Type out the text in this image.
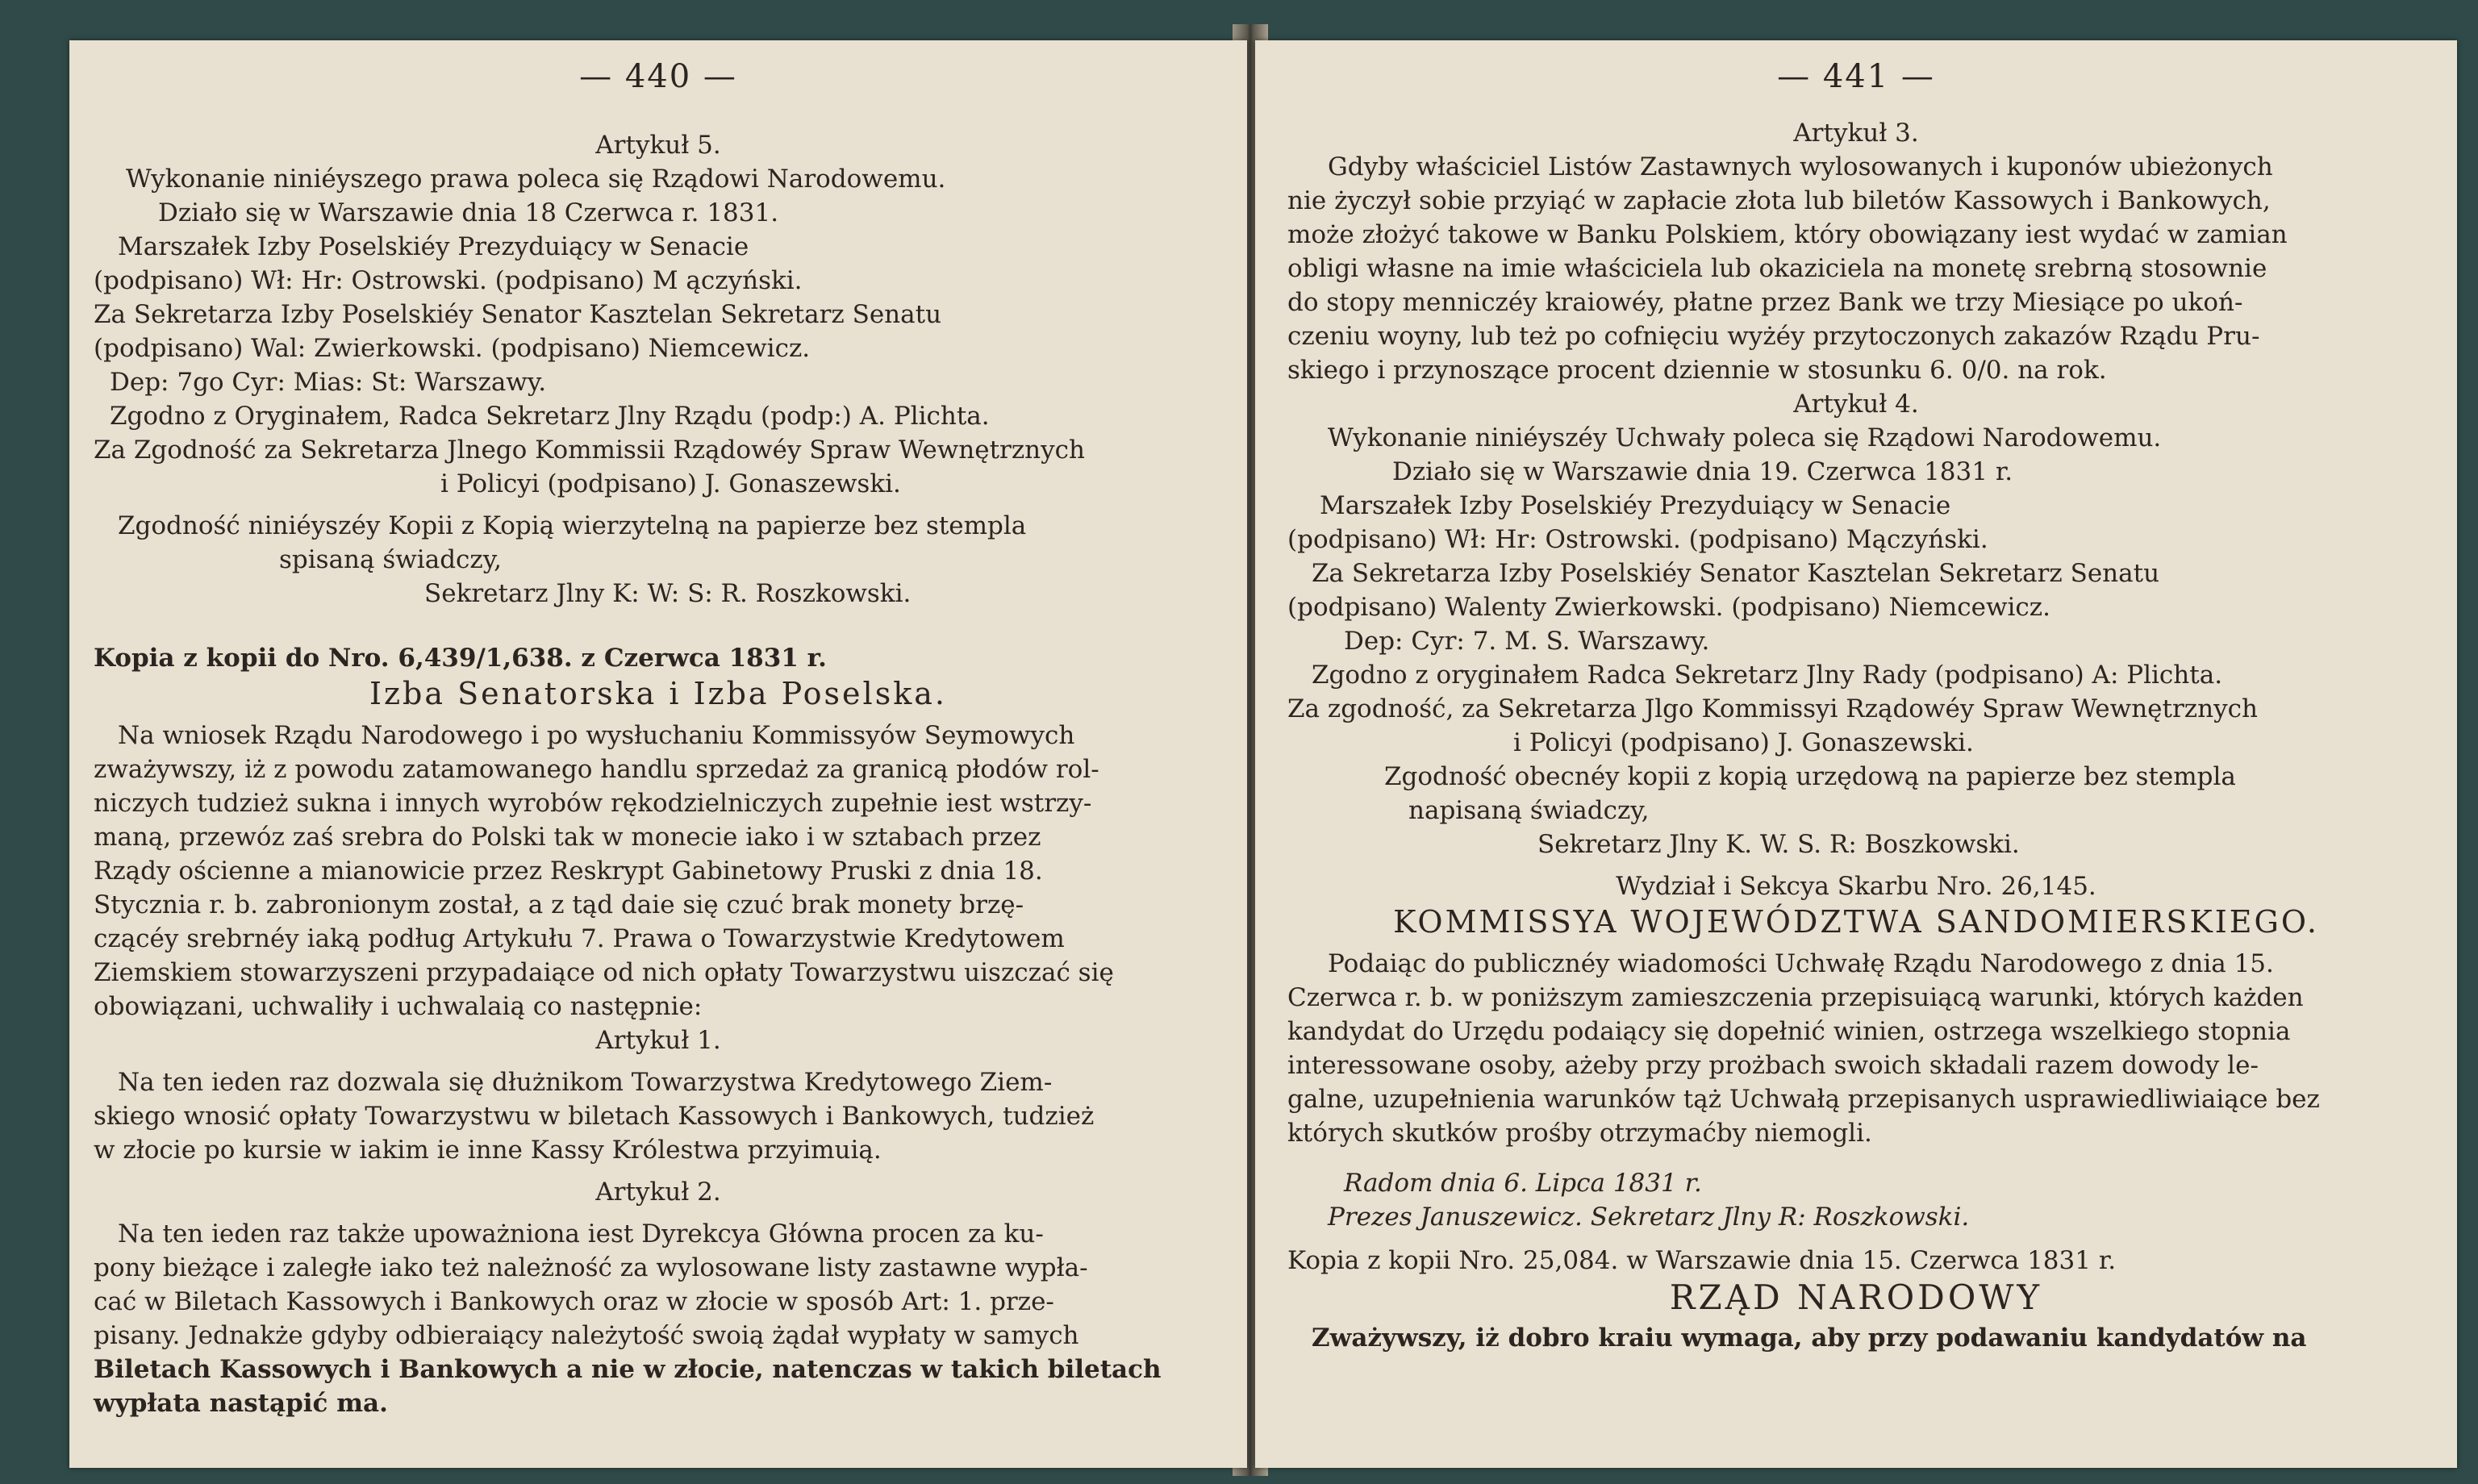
— 440 —
Artykuł 5.
Wykonanie niniéyszego prawa poleca się Rządowi Narodowemu.
Działo się w Warszawie dnia 18 Czerwca r. 1831.
Marszałek Izby Poselskiéy Prezyduiący w Senacie
(podpisano) Wł: Hr: Ostrowski. (podpisano) M ączyński.
Za Sekretarza Izby Poselskiéy Senator Kasztelan Sekretarz Senatu
(podpisano) Wal: Zwierkowski. (podpisano) Niemcewicz.
Dep: 7go Cyr: Mias: St: Warszawy.
Zgodno z Oryginałem, Radca Sekretarz Jlny Rządu (podp:) A. Plichta.
Za Zgodność za Sekretarza Jlnego Kommissii Rządowéy Spraw Wewnętrznych
i Policyi (podpisano) J. Gonaszewski.
Zgodność niniéyszéy Kopii z Kopią wierzytelną na papierze bez stempla
spisaną świadczy,
Sekretarz Jlny K: W: S: R. Roszkowski.
Kopia z kopii do Nro. 6,439/1,638. z Czerwca 1831 r.
Izba Senatorska i Izba Poselska.
Na wniosek Rządu Narodowego i po wysłuchaniu Kommissyów Seymowych
zważywszy, iż z powodu zatamowanego handlu sprzedaż za granicą płodów rol-
niczych tudzież sukna i innych wyrobów rękodzielniczych zupełnie iest wstrzy-
maną, przewóz zaś srebra do Polski tak w monecie iako i w sztabach przez
Rządy ościenne a mianowicie przez Reskrypt Gabinetowy Pruski z dnia 18.
Stycznia r. b. zabronionym został, a z tąd daie się czuć brak monety brzę-
czącéy srebrnéy iaką podług Artykułu 7. Prawa o Towarzystwie Kredytowem
Ziemskiem stowarzyszeni przypadaiące od nich opłaty Towarzystwu uiszczać się
obowiązani, uchwaliły i uchwalaią co następnie:
Artykuł 1.
Na ten ieden raz dozwala się dłużnikom Towarzystwa Kredytowego Ziem-
skiego wnosić opłaty Towarzystwu w biletach Kassowych i Bankowych, tudzież
w złocie po kursie w iakim ie inne Kassy Królestwa przyimuią.
Artykuł 2.
Na ten ieden raz także upoważniona iest Dyrekcya Główna procen za ku-
pony bieżące i zaległe iako też należność za wylosowane listy zastawne wypła-
cać w Biletach Kassowych i Bankowych oraz w złocie w sposób Art: 1. prze-
pisany. Jednakże gdyby odbieraiący należytość swoią żądał wypłaty w samych
Biletach Kassowych i Bankowych a nie w złocie, natenczas w takich biletach
wypłata nastąpić ma.
— 441 —
Artykuł 3.
Gdyby właściciel Listów Zastawnych wylosowanych i kuponów ubieżonych
nie życzył sobie przyiąć w zapłacie złota lub biletów Kassowych i Bankowych,
może złożyć takowe w Banku Polskiem, który obowiązany iest wydać w zamian
obligi własne na imie właściciela lub okaziciela na monetę srebrną stosownie
do stopy menniczéy kraiowéy, płatne przez Bank we trzy Miesiące po ukoń-
czeniu woyny, lub też po cofnięciu wyżéy przytoczonych zakazów Rządu Pru-
skiego i przynoszące procent dziennie w stosunku 6. 0/0. na rok.
Artykuł 4.
Wykonanie niniéyszéy Uchwały poleca się Rządowi Narodowemu.
Działo się w Warszawie dnia 19. Czerwca 1831 r.
Marszałek Izby Poselskiéy Prezyduiący w Senacie
(podpisano) Wł: Hr: Ostrowski. (podpisano) Mączyński.
Za Sekretarza Izby Poselskiéy Senator Kasztelan Sekretarz Senatu
(podpisano) Walenty Zwierkowski. (podpisano) Niemcewicz.
Dep: Cyr: 7. M. S. Warszawy.
Zgodno z oryginałem Radca Sekretarz Jlny Rady (podpisano) A: Plichta.
Za zgodność, za Sekretarza Jlgo Kommissyi Rządowéy Spraw Wewnętrznych
i Policyi (podpisano) J. Gonaszewski.
Zgodność obecnéy kopii z kopią urzędową na papierze bez stempla
napisaną świadczy,
Sekretarz Jlny K. W. S. R: Boszkowski.
Wydział i Sekcya Skarbu Nro. 26,145.
KOMMISSYA WOJEWÓDZTWA SANDOMIERSKIEGO.
Podaiąc do publicznéy wiadomości Uchwałę Rządu Narodowego z dnia 15.
Czerwca r. b. w poniższym zamieszczenia przepisuiącą warunki, których każden
kandydat do Urzędu podaiący się dopełnić winien, ostrzega wszelkiego stopnia
interessowane osoby, ażeby przy prożbach swoich składali razem dowody le-
galne, uzupełnienia warunków tąż Uchwałą przepisanych usprawiedliwiaiące bez
których skutków prośby otrzymaćby niemogli.
Radom dnia 6. Lipca 1831 r.
Prezes Januszewicz. Sekretarz Jlny R: Roszkowski.
Kopia z kopii Nro. 25,084. w Warszawie dnia 15. Czerwca 1831 r.
RZĄD NARODOWY
Zważywszy, iż dobro kraiu wymaga, aby przy podawaniu kandydatów na
